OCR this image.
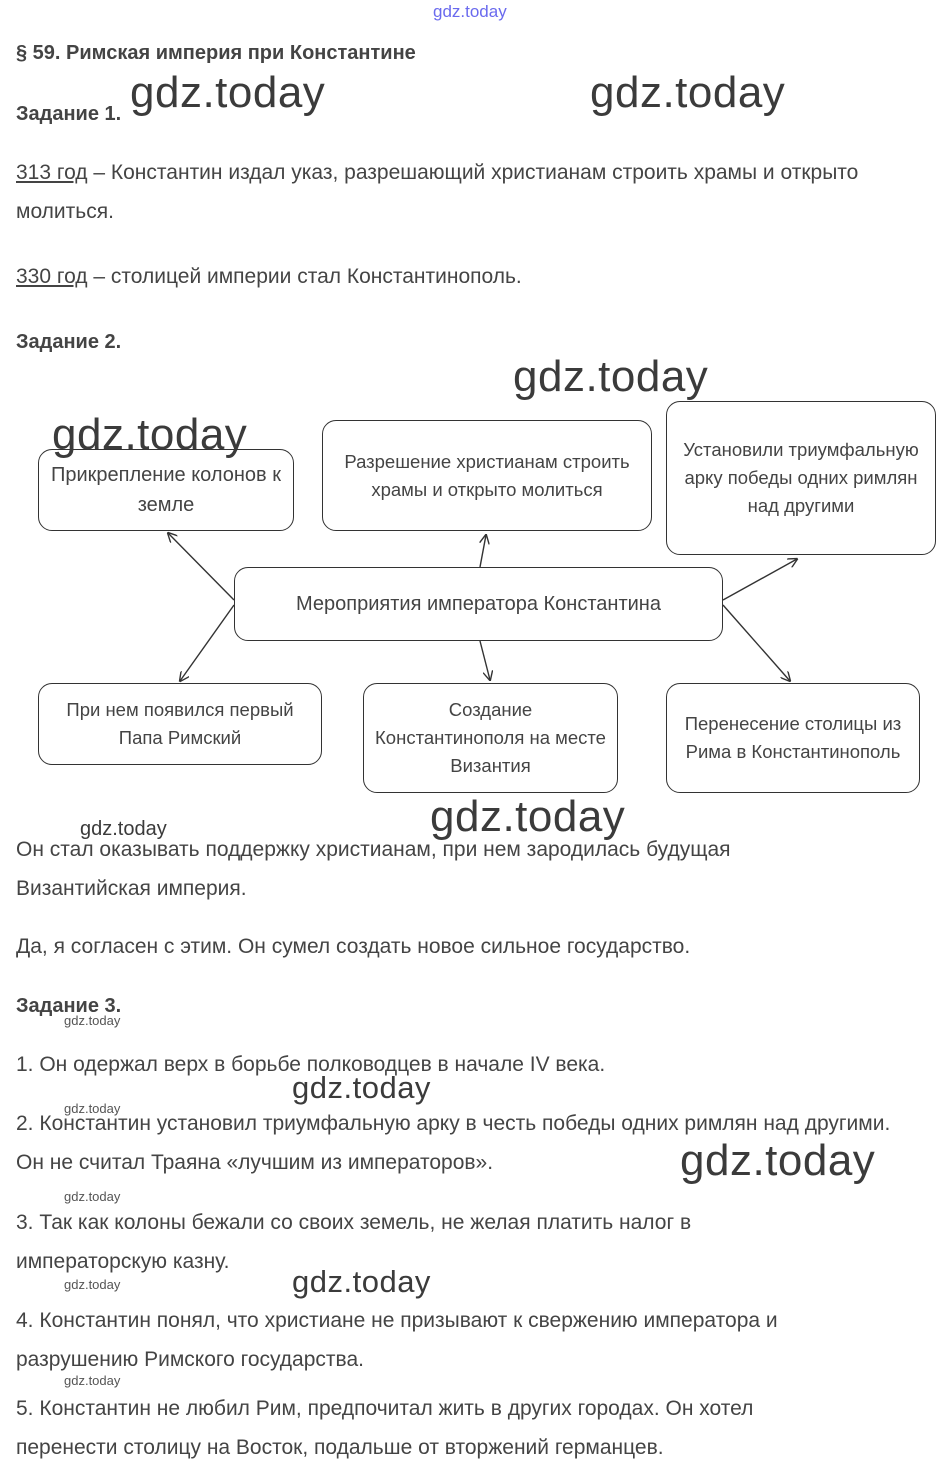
gdz.today
§ 59. Римская империя при Константине
Задание 1. gdz.today	gdz.today
313 год – Константин издал указ, разрешающий христианам строить храмы и открыто молиться.
330 год – столицей империи стал Константинополь.
Задание 2.
gdz.today
Прикрепление колонов к земле
Разрешение христианам строить храмы и открыто молиться
Установили триумфальную арку победы одних римлян над другими
Мероприятия императора Константина
При нем появился первый Папа Римский
Создание Константинополя на месте Византия
Перенесение столицы из Рима в Константинополь
gdz.today
gdz.today
gdz.today
Он стал оказывать поддержку христианам, при нем зародилась будущая Византийская империя.
Да, я согласен с этим. Он сумел создать новое сильное государство.
Задание 3.
gdz.today
1. Он одержал верх в борьбе полководцев в начале IV века.
gdz.today
gdz.today
2. Константин установил триумфальную арку в честь победы одних римлян над другими. Он не считал Траяна «лучшим из императоров».	gdz.today
gdz.today
3. Так как колоны бежали со своих земель, не желая платить налог в императорскую казну.
gdz.today
gdz.today
4. Константин понял, что христиане не призывают к свержению императора и разрушению Римского государства.
gdz.today
5. Константин не любил Рим, предпочитал жить в других городах. Он хотел перенести столицу на Восток, подальше от вторжений германцев.
